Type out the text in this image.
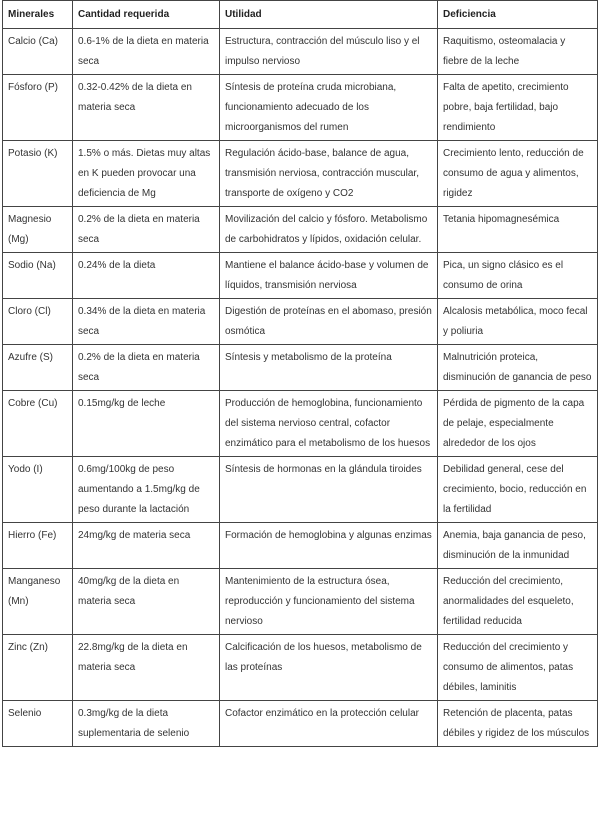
Minerales	Cantidad requerida	Utilidad	Deficiencia
Calcio (Ca)	0.6-1% de la dieta en materia seca	Estructura, contracción del músculo liso y el impulso nervioso	Raquitismo, osteomalacia y fiebre de la leche
Fósforo (P)	0.32-0.42% de la dieta en materia seca	Síntesis de proteína cruda microbiana, funcionamiento adecuado de los microorganismos del rumen	Falta de apetito, crecimiento pobre, baja fertilidad, bajo rendimiento
Potasio (K)	1.5% o más. Dietas muy altas en K pueden provocar una deficiencia de Mg	Regulación ácido-base, balance de agua, transmisión nerviosa, contracción muscular, transporte de oxígeno y CO2	Crecimiento lento, reducción de consumo de agua y alimentos, rigidez
Magnesio (Mg)	0.2% de la dieta en materia seca	Movilización del calcio y fósforo. Metabolismo de carbohidratos y lípidos, oxidación celular.	Tetania hipomagnesémica
Sodio (Na)	0.24% de la dieta	Mantiene el balance ácido-base y volumen de líquidos, transmisión nerviosa	Pica, un signo clásico es el consumo de orina
Cloro (Cl)	0.34% de la dieta en materia seca	Digestión de proteínas en el abomaso, presión osmótica	Alcalosis metabólica, moco fecal y poliuria
Azufre (S)	0.2% de la dieta en materia seca	Síntesis y metabolismo de la proteína	Malnutrición proteica, disminución de ganancia de peso
Cobre (Cu)	0.15mg/kg de leche	Producción de hemoglobina, funcionamiento del sistema nervioso central, cofactor enzimático para el metabolismo de los huesos	Pérdida de pigmento de la capa de pelaje, especialmente alrededor de los ojos
Yodo (I)	0.6mg/100kg de peso aumentando a 1.5mg/kg de peso durante la lactación	Síntesis de hormonas en la glándula tiroides	Debilidad general, cese del crecimiento, bocio, reducción en la fertilidad
Hierro (Fe)	24mg/kg de materia seca	Formación de hemoglobina y algunas enzimas	Anemia, baja ganancia de peso, disminución de la inmunidad
Manganeso (Mn)	40mg/kg de la dieta en materia seca	Mantenimiento de la estructura ósea, reproducción y funcionamiento del sistema nervioso	Reducción del crecimiento, anormalidades del esqueleto, fertilidad reducida
Zinc (Zn)	22.8mg/kg de la dieta en materia seca	Calcificación de los huesos, metabolismo de las proteínas	Reducción del crecimiento y consumo de alimentos, patas débiles, laminitis
Selenio	0.3mg/kg de la dieta suplementaria de selenio	Cofactor enzimático en la protección celular	Retención de placenta, patas débiles y rigidez de los músculos
